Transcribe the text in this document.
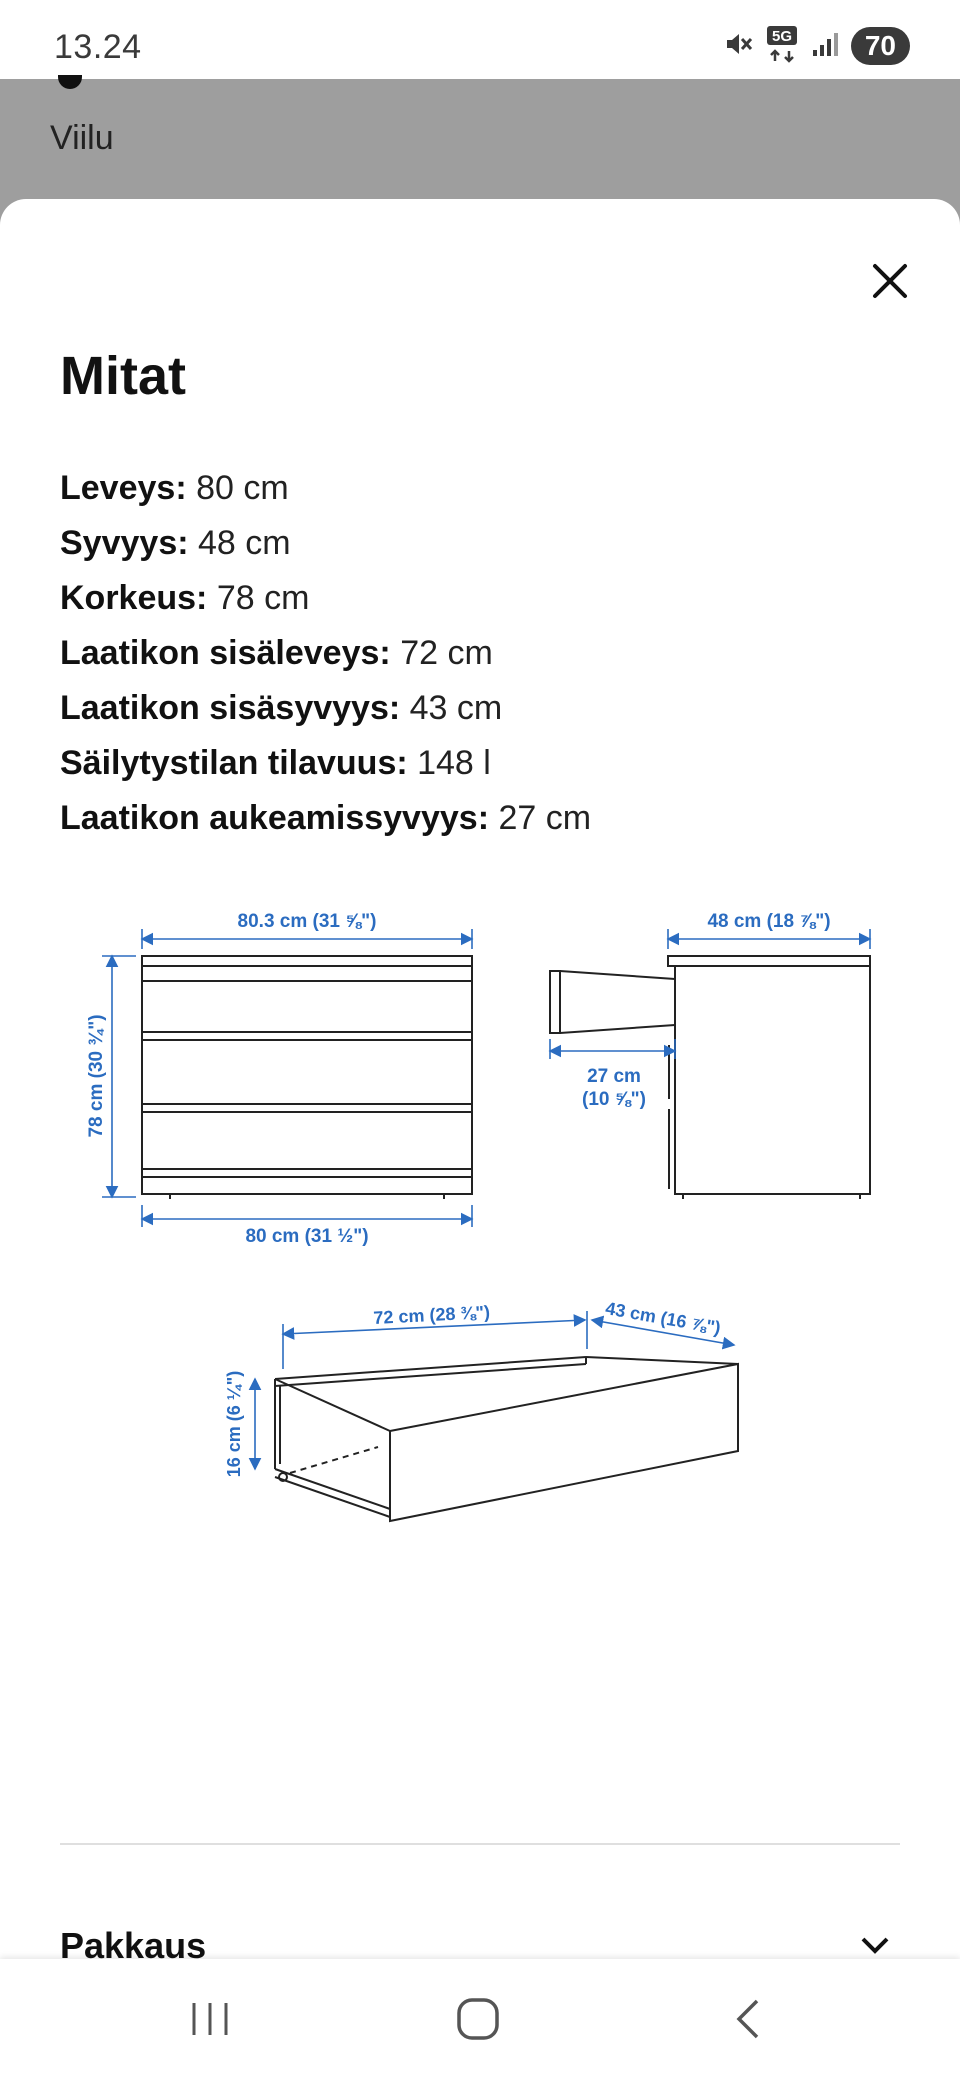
13.24	5G	70
Viilu
Mitat
Leveys: 80 cm
Syvyys: 48 cm
Korkeus: 78 cm
Laatikon sisäleveys: 72 cm
Laatikon sisäsyvyys: 43 cm
Säilytystilan tilavuus: 148 l
Laatikon aukeamissyvyys: 27 cm
80.3 cm (31 ⅝")
78 cm (30 ¾")
80 cm (31 ½")
48 cm (18 ⅞")
27 cm
(10 ⅝")
72 cm (28 ⅜")	43 cm (16 ⅞")
16 cm (6 ¼")
Pakkaus
